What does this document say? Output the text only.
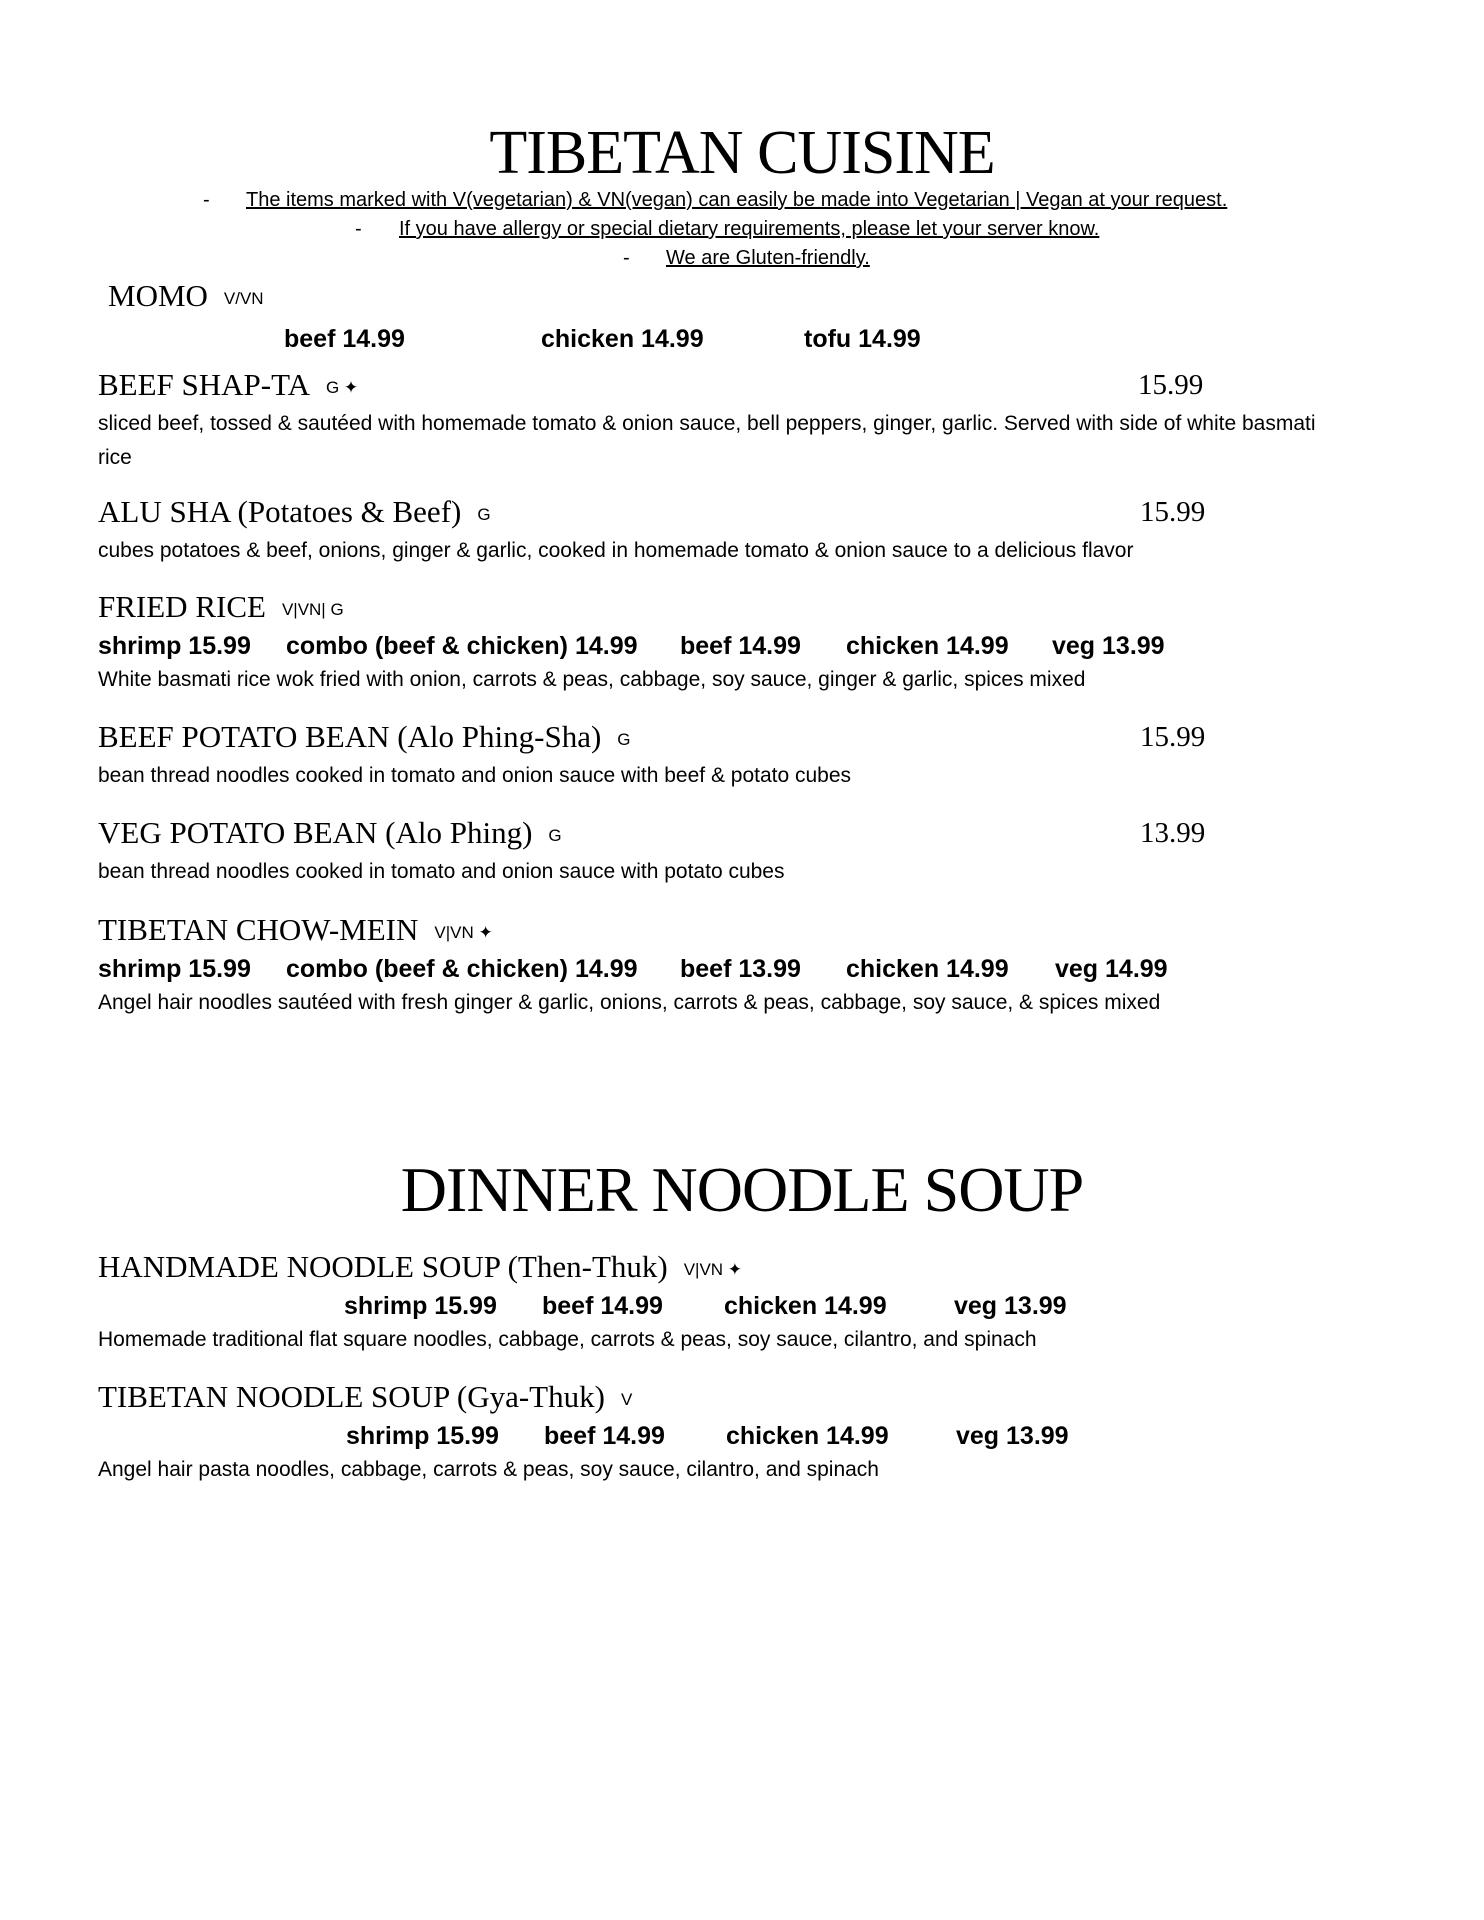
TIBETAN CUISINE
- The items marked with V(vegetarian) & VN(vegan) can easily be made into Vegetarian | Vegan at your request.
- If you have allergy or special dietary requirements, please let your server know.
- We are Gluten-friendly.
MOMO V/VN
beef 14.99	chicken 14.99	tofu 14.99
BEEF SHAP-TA G ✦	15.99
sliced beef, tossed & sautéed with homemade tomato & onion sauce, bell peppers, ginger, garlic. Served with side of white basmati rice
ALU SHA (Potatoes & Beef) G	15.99
cubes potatoes & beef, onions, ginger & garlic, cooked in homemade tomato & onion sauce to a delicious flavor
FRIED RICE V|VN| G
shrimp 15.99 combo (beef & chicken) 14.99 beef 14.99 chicken 14.99 veg 13.99
White basmati rice wok fried with onion, carrots & peas, cabbage, soy sauce, ginger & garlic, spices mixed
BEEF POTATO BEAN (Alo Phing-Sha) G	15.99
bean thread noodles cooked in tomato and onion sauce with beef & potato cubes
VEG POTATO BEAN (Alo Phing) G	13.99
bean thread noodles cooked in tomato and onion sauce with potato cubes
TIBETAN CHOW-MEIN V|VN ✦
shrimp 15.99 combo (beef & chicken) 14.99 beef 13.99 chicken 14.99 veg 14.99
Angel hair noodles sautéed with fresh ginger & garlic, onions, carrots & peas, cabbage, soy sauce, & spices mixed
DINNER NOODLE SOUP
HANDMADE NOODLE SOUP (Then-Thuk) V|VN ✦
shrimp 15.99 beef 14.99 chicken 14.99	veg 13.99
Homemade traditional flat square noodles, cabbage, carrots & peas, soy sauce, cilantro, and spinach
TIBETAN NOODLE SOUP (Gya-Thuk) V
shrimp 15.99 beef 14.99 chicken 14.99	veg 13.99
Angel hair pasta noodles, cabbage, carrots & peas, soy sauce, cilantro, and spinach
